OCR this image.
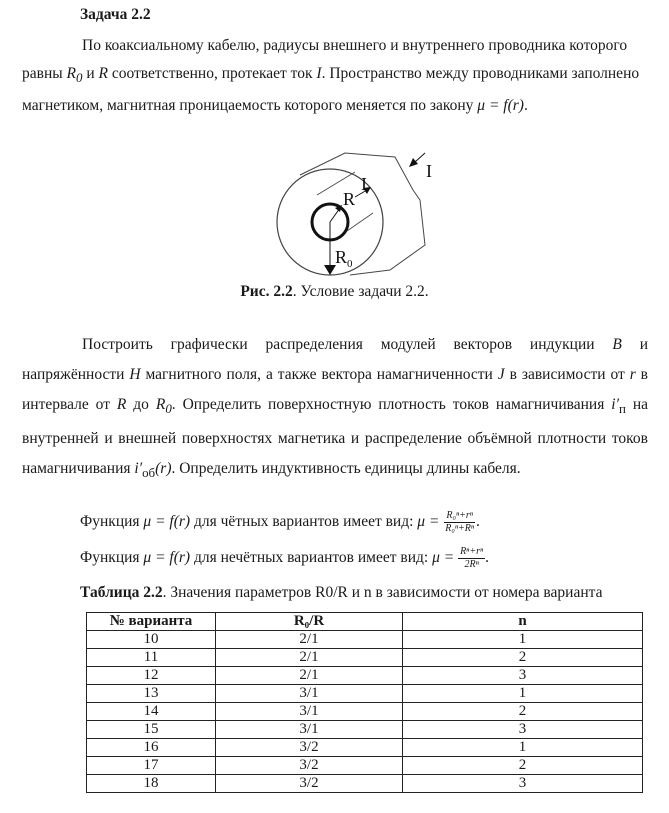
Задача 2.2
По коаксиальному кабелю, радиусы внешнего и внутреннего проводника которого равны $R_0$ и R соответственно, протекает ток I. Пространство между проводниками заполнено магнетиком, магнитная проницаемость которого меняется по закону μ = f(r).
R
I
I
R 0
Рис. 2.2. Условие задачи 2.2.
Построить графически распределения модулей векторов индукции B и напряжённости H магнитного поля, а также вектора намагниченности J в зависимости от r в интервале от R до $R_0$. Определить поверхностную плотность токов намагничивания $i'_п$ на внутренней и внешней поверхностях магнетика и распределение объёмной плотности токов намагничивания $i'_{об}(r)$. Определить индуктивность единицы длины кабеля.
Функция μ = f(r) для чётных вариантов имеет вид: $\mu = \frac{\text{R₀ⁿ+rⁿ}}{\text{R₀ⁿ+Rⁿ}}$ .
Функция μ = f(r) для нечётных вариантов имеет вид: $\mu = \frac{\text{Rⁿ+rⁿ}}{\text{2Rⁿ}}$ .
Таблица 2.2. Значения параметров R0/R и n в зависимости от номера варианта
№ варианта	R₀/R	n
10	2/1	1
11	2/1	2
12	2/1	3
13	3/1	1
14	3/1	2
15	3/1	3
16	3/2	1
17	3/2	2
18	3/2	3
